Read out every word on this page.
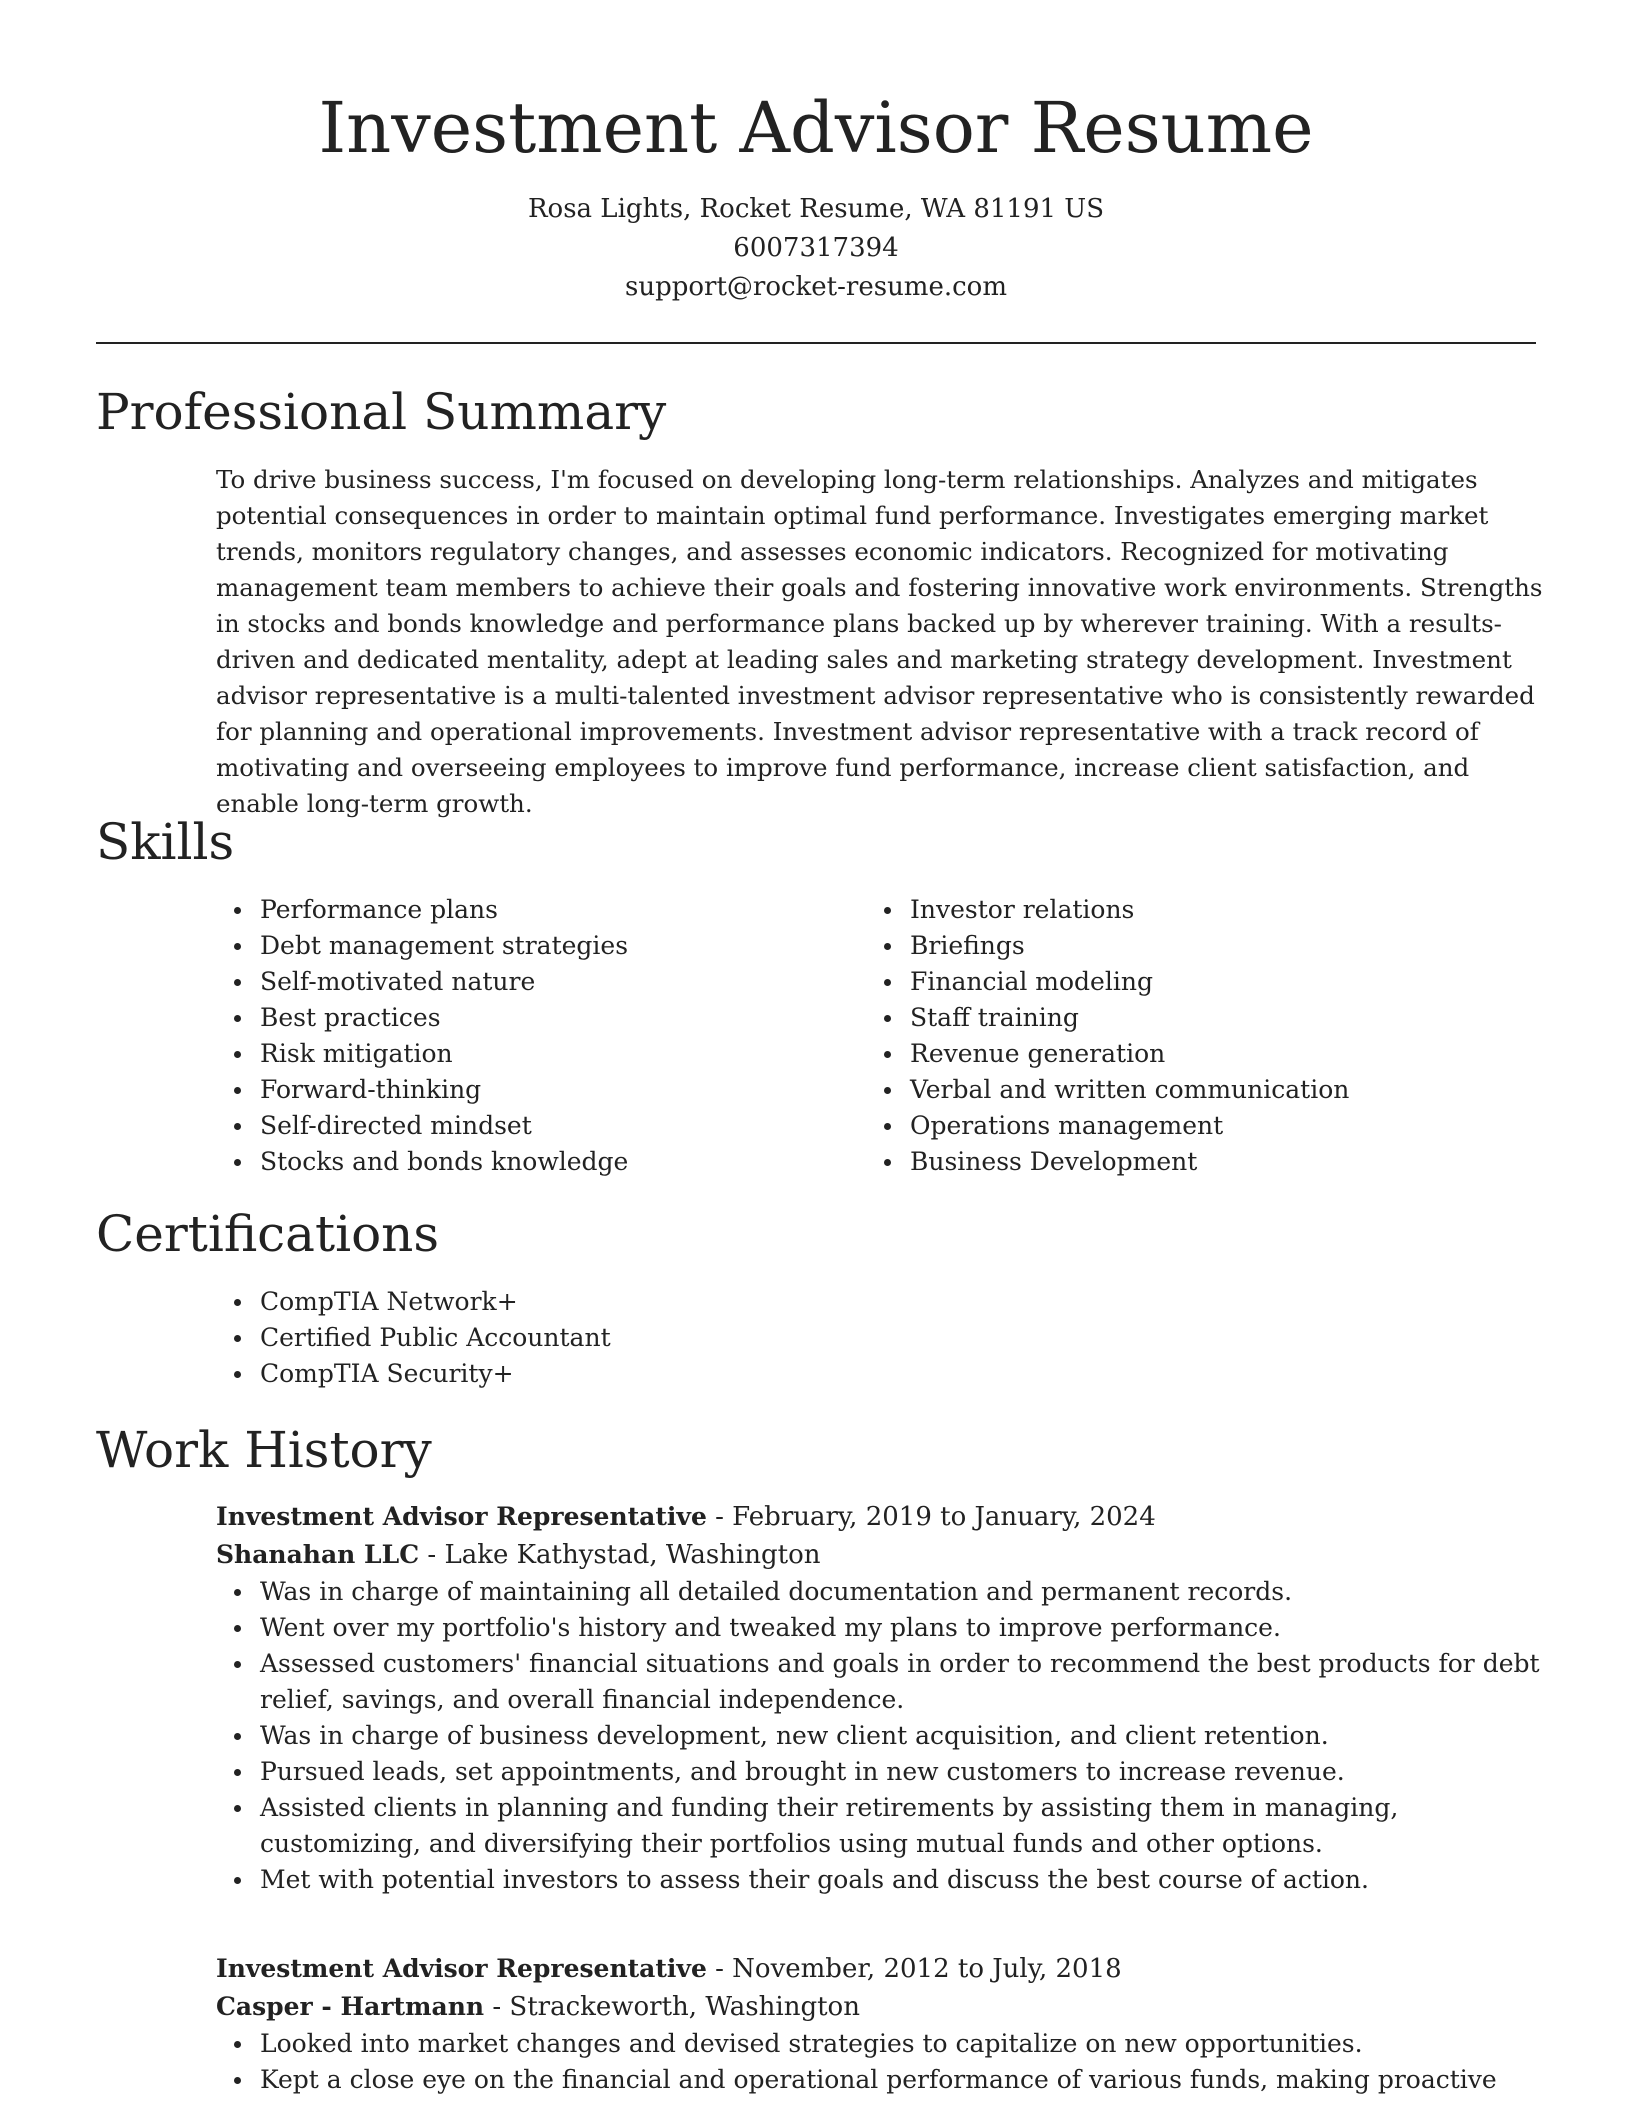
Investment Advisor Resume
Rosa Lights, Rocket Resume, WA 81191 US
6007317394
support@rocket-resume.com
Professional Summary
To drive business success, I'm focused on developing long-term relationships. Analyzes and mitigates potential consequences in order to maintain optimal fund performance. Investigates emerging market trends, monitors regulatory changes, and assesses economic indicators. Recognized for motivating management team members to achieve their goals and fostering innovative work environments. Strengths in stocks and bonds knowledge and performance plans backed up by wherever training. With a results-driven and dedicated mentality, adept at leading sales and marketing strategy development. Investment advisor representative is a multi-talented investment advisor representative who is consistently rewarded for planning and operational improvements. Investment advisor representative with a track record of motivating and overseeing employees to improve fund performance, increase client satisfaction, and enable long-term growth.
Skills
Performance plans
Debt management strategies
Self-motivated nature
Best practices
Risk mitigation
Forward-thinking
Self-directed mindset
Stocks and bonds knowledge
Investor relations
Briefings
Financial modeling
Staff training
Revenue generation
Verbal and written communication
Operations management
Business Development
Certifications
CompTIA Network+
Certified Public Accountant
CompTIA Security+
Work History
Investment Advisor Representative - February, 2019 to January, 2024
Shanahan LLC - Lake Kathystad, Washington
Was in charge of maintaining all detailed documentation and permanent records.
Went over my portfolio's history and tweaked my plans to improve performance.
Assessed customers' financial situations and goals in order to recommend the best products for debt relief, savings, and overall financial independence.
Was in charge of business development, new client acquisition, and client retention.
Pursued leads, set appointments, and brought in new customers to increase revenue.
Assisted clients in planning and funding their retirements by assisting them in managing, customizing, and diversifying their portfolios using mutual funds and other options.
Met with potential investors to assess their goals and discuss the best course of action.
Investment Advisor Representative - November, 2012 to July, 2018
Casper - Hartmann - Strackeworth, Washington
Looked into market changes and devised strategies to capitalize on new opportunities.
Kept a close eye on the financial and operational performance of various funds, making proactive
